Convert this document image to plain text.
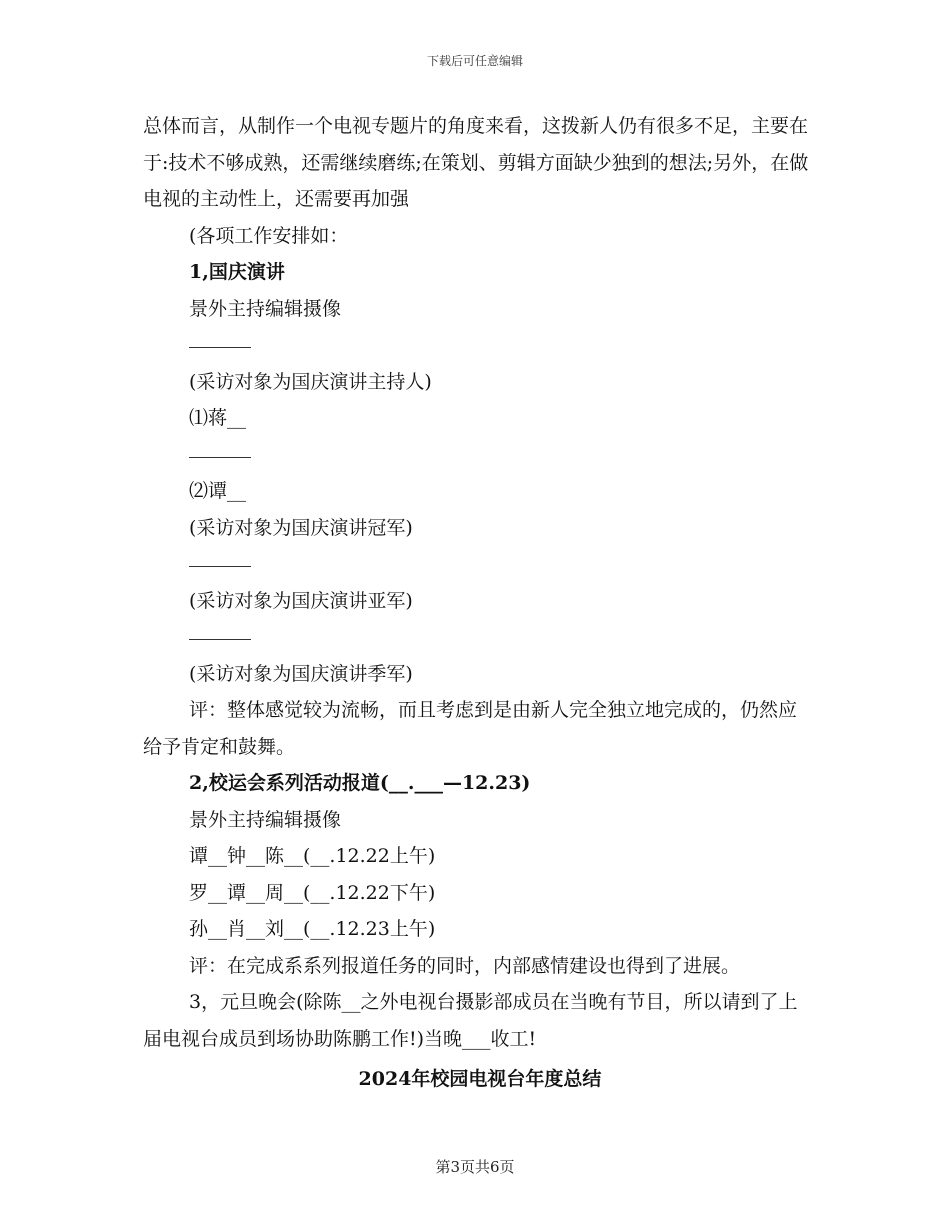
下载后可任意编辑

总体而言，从制作一个电视专题片的角度来看，这拨新人仍有很多不足，主要在于:技术不够成熟，还需继续磨练;在策划、剪辑方面缺少独到的想法;另外，在做电视的主动性上，还需要再加强

(各项工作安排如：

1,国庆演讲

景外主持编辑摄像

(采访对象为国庆演讲主持人)

⑴蒋__

⑵谭__

(采访对象为国庆演讲冠军)

(采访对象为国庆演讲亚军)

(采访对象为国庆演讲季军)

评：整体感觉较为流畅，而且考虑到是由新人完全独立地完成的，仍然应给予肯定和鼓舞。

2,校运会系列活动报道(__.___—12.23)

景外主持编辑摄像

谭__钟__陈__(__.12.22上午)

罗__谭__周__(__.12.22下午)

孙__肖__刘__(__.12.23上午)

评：在完成系系列报道任务的同时，内部感情建设也得到了进展。

3，元旦晚会(除陈__之外电视台摄影部成员在当晚有节目，所以请到了上届电视台成员到场协助陈鹏工作!)当晚___收工!

2024年校园电视台年度总结
第3页共6页
